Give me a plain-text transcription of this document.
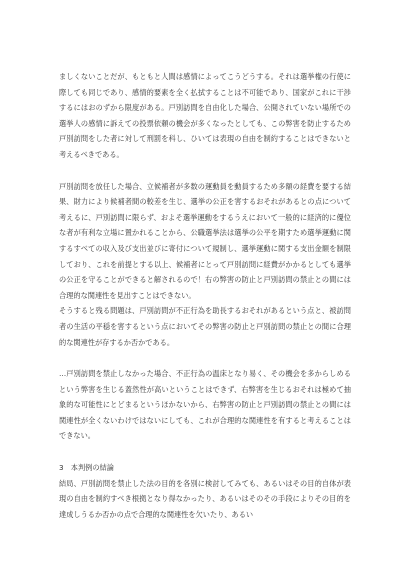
ましくないことだが、もともと人間は感情によってこうどうする。それは選挙権の行使に際しても同じであり、感情的要素を全く払拭することは不可能であり、国家がこれに干渉するにはおのずから限度がある。戸別訪問を自由化した場合、公開されていない場所での選挙人の感情に訴えての投票依頼の機会が多くなったとしても、この弊害を防止するため戸別訪問をした者に対して刑罰を科し、ひいては表現の自由を制約することはできないと考えるべきである。

戸別訪問を放任した場合、立候補者が多数の運動員を動員するため多額の経費を要する結果、財力により候補者間の較差を生じ、選挙の公正を害するおそれがあるとの点について考えるに、戸別訪問に限らず、およそ選挙運動をするうえにおいて一般的に経済的に優位な者が有利な立場に置かれることから、公職選挙法は選挙の公平を期すため選挙運動に関するすべての収入及び支出並びに寄付について規制し、選挙運動に関する支出金額を制限しており、これを前提とする以上、候補者にとって戸別訪問に経費がかかるとしても選挙の公正を守ることができると解されるので！右の弊害の防止と戸別訪問の禁止との間には合理的な関連性を見出すことはできない。

そうすると残る問題は、戸別訪問が不正行為を助長するおそれがあるという点と、被訪問者の生活の平穏を害するという点においてその弊害の防止と戸別訪問の禁止との間に合理的な関連性が存するか否かである。

…戸別訪問を禁止しなかった場合、不正行為の温床となり易く、その機会を多からしめるという弊害を生じる蓋然性が高いということはできず、右弊害を生じるおそれは極めて抽象的な可能性にとどまるというほかないから、右弊害の防止と戸別訪問の禁止との間には関連性が全くないわけではないにしても、これが合理的な関連性を有すると考えることはできない。

3　本判例の結論

結局、戸別訪問を禁止した法の目的を各別に検討してみても、あるいはその目的自体が表現の自由を制約すべき根拠となり得なかったり、あるいはそのその手段によりその目的を達成しうるか否かの点で合理的な関連性を欠いたり、あるい
